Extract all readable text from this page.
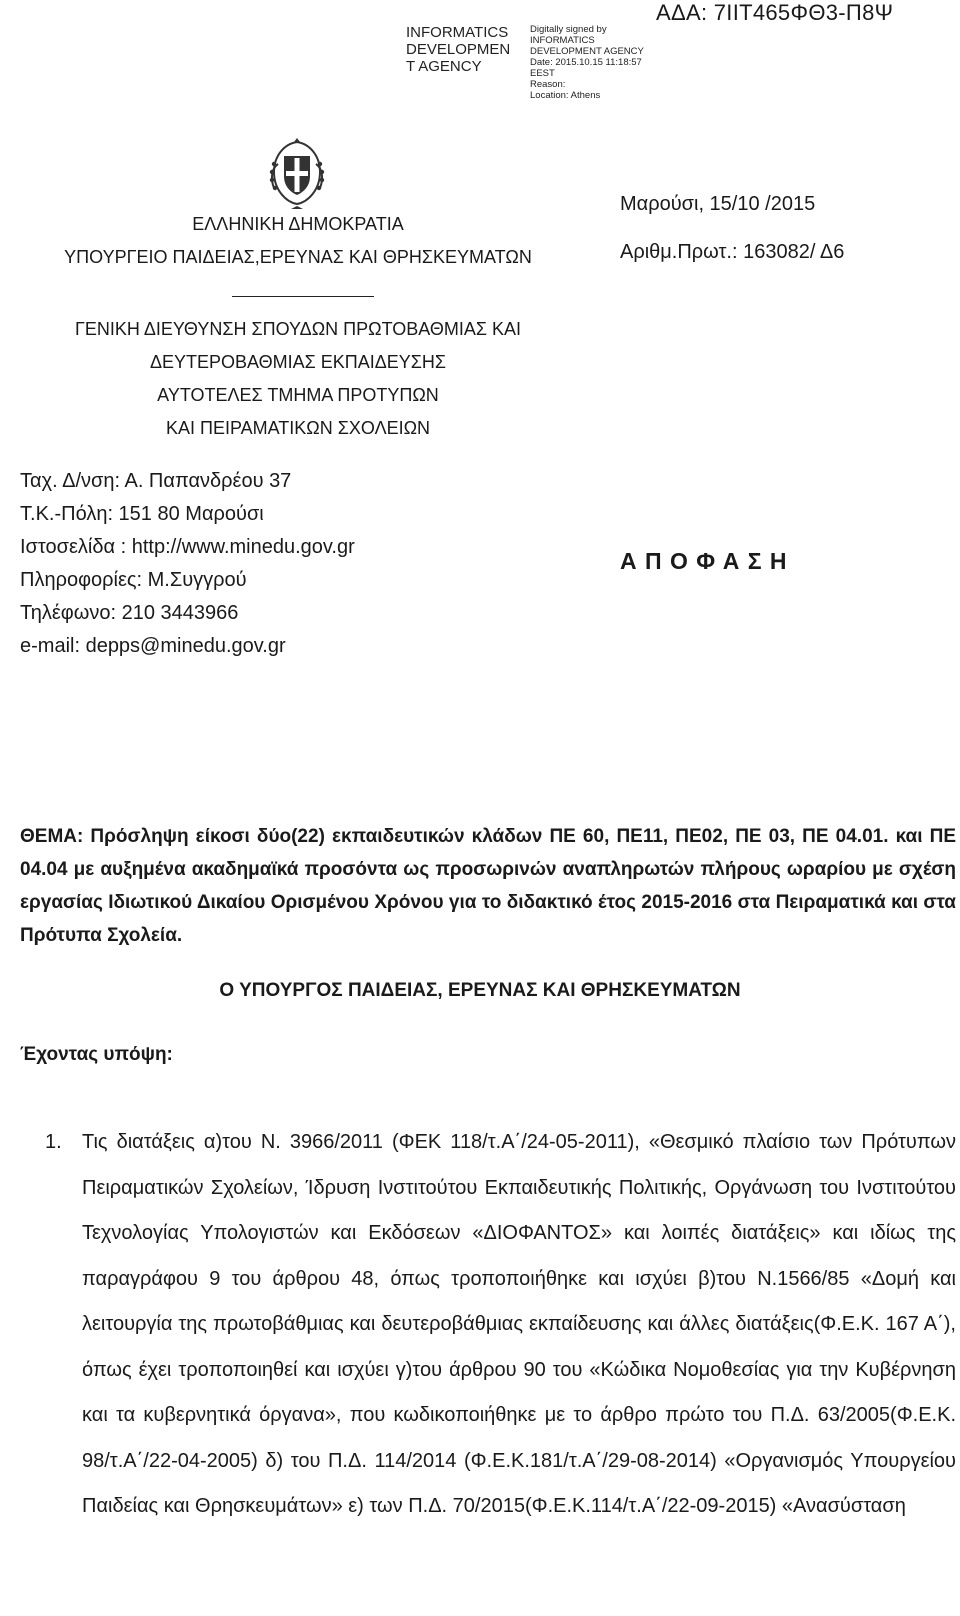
INFORMATICS
DEVELOPMEN
T AGENCY
Digitally signed by
INFORMATICS
DEVELOPMENT AGENCY
Date: 2015.10.15 11:18:57
EEST
Reason:
Location: Athens
ΑΔΑ: 7ΙΙΤ465ΦΘ3-Π8Ψ
ΕΛΛΗΝΙΚΗ ΔΗΜΟΚΡΑΤΙΑ
ΥΠΟΥΡΓΕΙΟ ΠΑΙΔΕΙΑΣ,ΕΡΕΥΝΑΣ ΚΑΙ ΘΡΗΣΚΕΥΜΑΤΩΝ
ΓΕΝΙΚΗ ΔΙΕΥΘΥΝΣΗ ΣΠΟΥΔΩΝ ΠΡΩΤΟΒΑΘΜΙΑΣ ΚΑΙ
ΔΕΥΤΕΡΟΒΑΘΜΙΑΣ ΕΚΠΑΙΔΕΥΣΗΣ
ΑΥΤΟΤΕΛΕΣ ΤΜΗΜΑ ΠΡΟΤΥΠΩΝ
ΚΑΙ ΠΕΙΡΑΜΑΤΙΚΩΝ ΣΧΟΛΕΙΩΝ
Μαρούσι, 15/10 /2015
Αριθμ.Πρωτ.: 163082/ Δ6
Ταχ. Δ/νση: Α. Παπανδρέου 37
Τ.Κ.-Πόλη: 151 80 Μαρούσι
Ιστοσελίδα : http://www.minedu.gov.gr
Πληροφορίες: Μ.Συγγρού
Τηλέφωνο: 210 3443966
e-mail: depps@minedu.gov.gr
Α Π Ο Φ Α Σ Η
ΘΕΜΑ: Πρόσληψη είκοσι δύο(22) εκπαιδευτικών κλάδων ΠΕ 60, ΠΕ11, ΠΕ02, ΠΕ 03, ΠΕ 04.01. και ΠΕ 04.04 με αυξημένα ακαδημαϊκά προσόντα ως προσωρινών αναπληρωτών πλήρους ωραρίου με σχέση εργασίας Ιδιωτικού Δικαίου Ορισμένου Χρόνου για το διδακτικό έτος 2015-2016 στα Πειραματικά και στα Πρότυπα Σχολεία.
Ο ΥΠΟΥΡΓΟΣ ΠΑΙΔΕΙΑΣ, ΕΡΕΥΝΑΣ ΚΑΙ ΘΡΗΣΚΕΥΜΑΤΩΝ
Έχοντας υπόψη:
1. Τις διατάξεις α)του Ν. 3966/2011 (ΦΕΚ 118/τ.Α΄/24-05-2011), «Θεσμικό πλαίσιο των Πρότυπων Πειραματικών Σχολείων, Ίδρυση Ινστιτούτου Εκπαιδευτικής Πολιτικής, Οργάνωση του Ινστιτούτου Τεχνολογίας Υπολογιστών και Εκδόσεων «ΔΙΟΦΑΝΤΟΣ» και λοιπές διατάξεις» και ιδίως της παραγράφου 9 του άρθρου 48, όπως τροποποιήθηκε και ισχύει β)του Ν.1566/85 «Δομή και λειτουργία της πρωτοβάθμιας και δευτεροβάθμιας εκπαίδευσης και άλλες διατάξεις(Φ.Ε.Κ. 167 Α΄), όπως έχει τροποποιηθεί και ισχύει γ)του άρθρου 90 του «Κώδικα Νομοθεσίας για την Κυβέρνηση και τα κυβερνητικά όργανα», που κωδικοποιήθηκε με το άρθρο πρώτο του Π.Δ. 63/2005(Φ.Ε.Κ. 98/τ.Α΄/22-04-2005) δ) του Π.Δ. 114/2014 (Φ.Ε.Κ.181/τ.Α΄/29-08-2014) «Οργανισμός Υπουργείου Παιδείας και Θρησκευμάτων» ε) των Π.Δ. 70/2015(Φ.Ε.Κ.114/τ.Α΄/22-09-2015) «Ανασύσταση
